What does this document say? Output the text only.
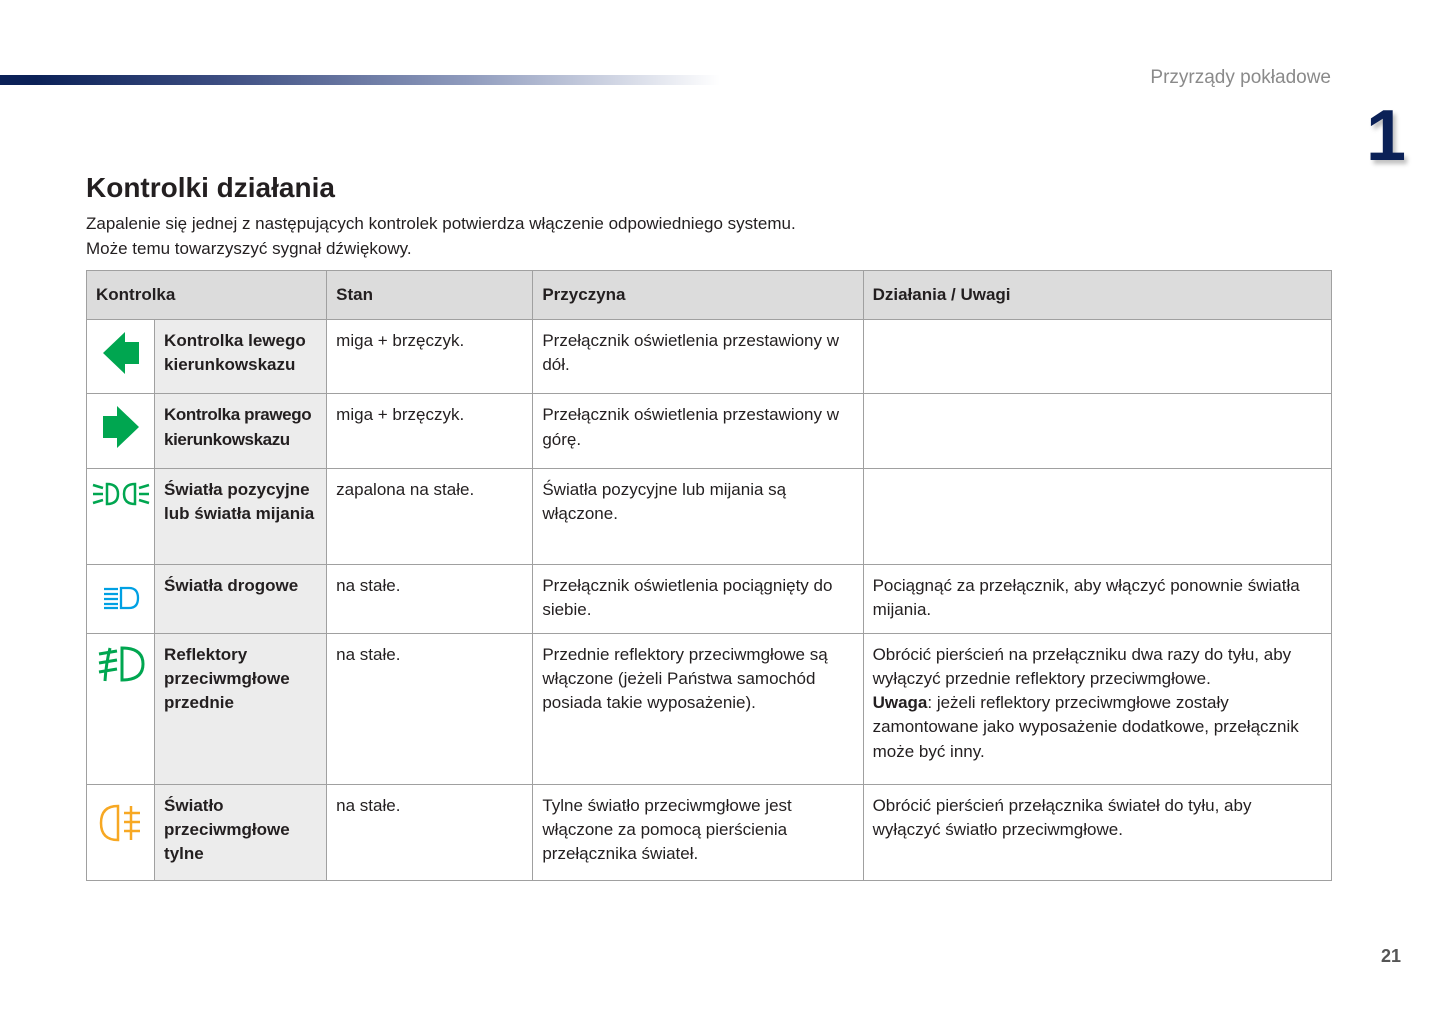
Przyrządy pokładowe
1
Kontrolki działania
Zapalenie się jednej z następujących kontrolek potwierdza włączenie odpowiedniego systemu.
Może temu towarzyszyć sygnał dźwiękowy.
Kontrolka		Stan	Przyczyna	Działania / Uwagi
	Kontrolka lewego kierunkowskazu	miga + brzęczyk.	Przełącznik oświetlenia przestawiony w dół.	
	Kontrolka prawego kierunkowskazu	miga + brzęczyk.	Przełącznik oświetlenia przestawiony w górę.	
	Światła pozycyjne lub światła mijania	zapalona na stałe.	Światła pozycyjne lub mijania są włączone.	
	Światła drogowe	na stałe.	Przełącznik oświetlenia pociągnięty do siebie.	Pociągnąć za przełącznik, aby włączyć ponownie światła mijania.
	Reflektory przeciwmgłowe przednie	na stałe.	Przednie reflektory przeciwmgłowe są włączone (jeżeli Państwa samochód posiada takie wyposażenie).	Obrócić pierścień na przełączniku dwa razy do tyłu, aby wyłączyć przednie reflektory przeciwmgłowe.
Uwaga: jeżeli reflektory przeciwmgłowe zostały zamontowane jako wyposażenie dodatkowe, przełącznik może być inny.
	Światło przeciwmgłowe tylne	na stałe.	Tylne światło przeciwmgłowe jest włączone za pomocą pierścienia przełącznika świateł.	Obrócić pierścień przełącznika świateł do tyłu, aby wyłączyć światło przeciwmgłowe.
21
